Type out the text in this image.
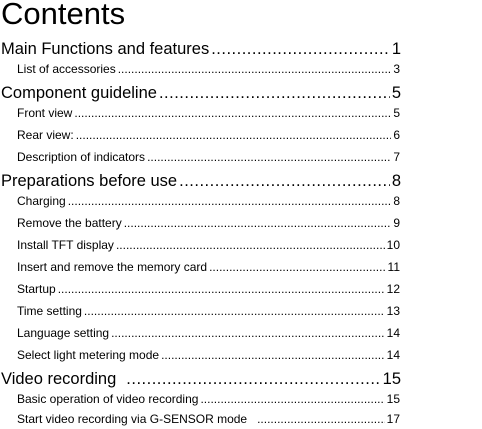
Contents
Main Functions and features .....	1
List of accessories .....	3
Component guideline .....	5
Front view .....	5
Rear view: .....	6
Description of indicators .....	7
Preparations before use .....	8
Charging .....	8
Remove the battery .....	9
Install TFT display .....	10
Insert and remove the memory card .....	11
Startup .....	12
Time setting .....	13
Language setting .....	14
Select light metering mode .....	14
Video recording .....	15
Basic operation of video recording .....	15
Start video recording via G-SENSOR mode .....	17
